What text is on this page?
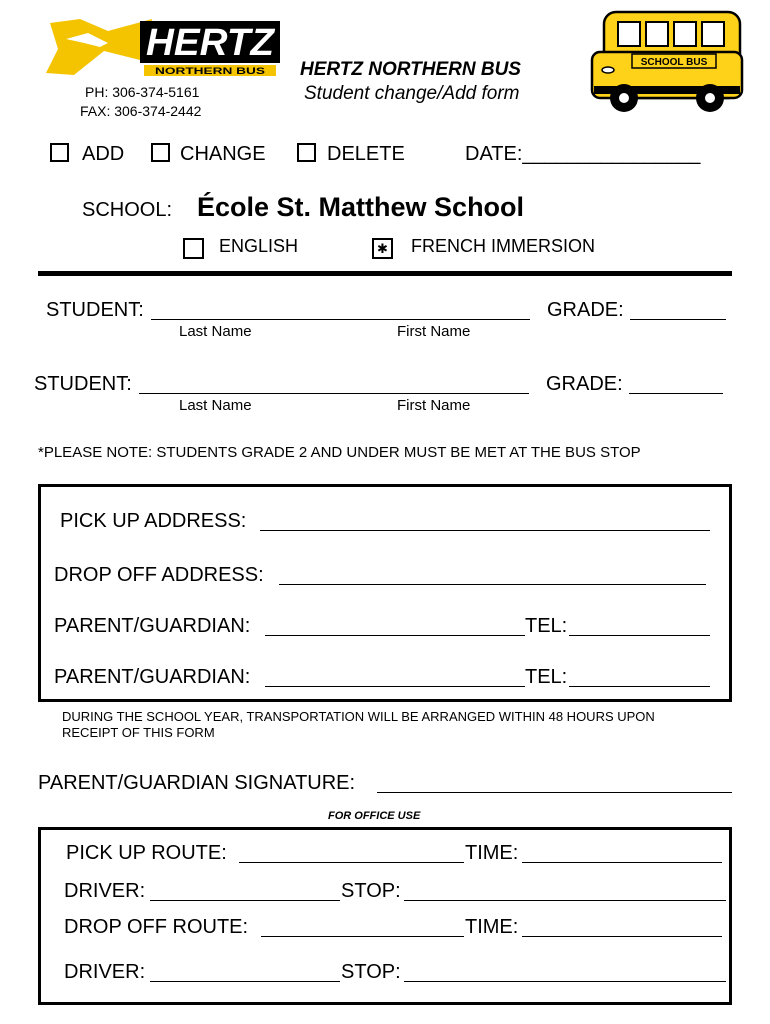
HERTZ
NORTHERN BUS
PH: 306-374-5161
FAX: 306-374-2442
HERTZ NORTHERN BUS
Student change/Add form
SCHOOL BUS
ADD	CHANGE	DELETE	DATE:________________
SCHOOL: École St. Matthew School
ENGLISH
✱	FRENCH IMMERSION
STUDENT:	GRADE:
Last Name	First Name
STUDENT:	GRADE:
Last Name	First Name
*PLEASE NOTE: STUDENTS GRADE 2 AND UNDER MUST BE MET AT THE BUS STOP
PICK UP ADDRESS:
DROP OFF ADDRESS:
PARENT/GUARDIAN:	TEL:
PARENT/GUARDIAN:	TEL:
DURING THE SCHOOL YEAR, TRANSPORTATION WILL BE ARRANGED WITHIN 48 HOURS UPON
RECEIPT OF THIS FORM
PARENT/GUARDIAN SIGNATURE:
FOR OFFICE USE
PICK UP ROUTE:	TIME:
DRIVER:	STOP:
DROP OFF ROUTE:	TIME:
DRIVER:	STOP:
